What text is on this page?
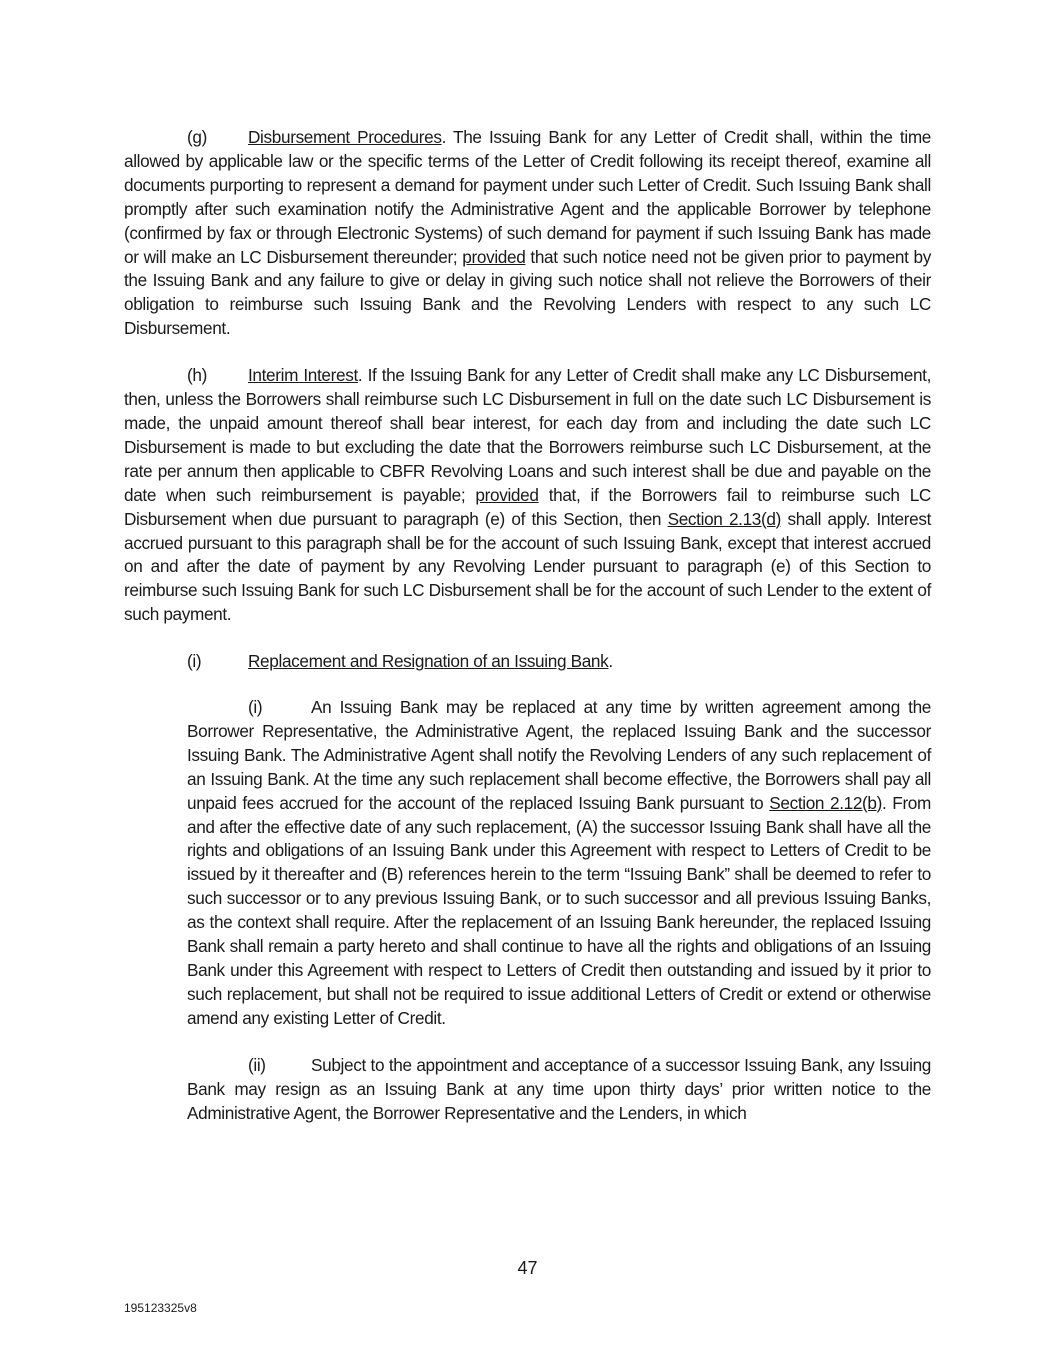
(g) Disbursement Procedures. The Issuing Bank for any Letter of Credit shall, within the time allowed by applicable law or the specific terms of the Letter of Credit following its receipt thereof, examine all documents purporting to represent a demand for payment under such Letter of Credit. Such Issuing Bank shall promptly after such examination notify the Administrative Agent and the applicable Borrower by telephone (confirmed by fax or through Electronic Systems) of such demand for payment if such Issuing Bank has made or will make an LC Disbursement thereunder; provided that such notice need not be given prior to payment by the Issuing Bank and any failure to give or delay in giving such notice shall not relieve the Borrowers of their obligation to reimburse such Issuing Bank and the Revolving Lenders with respect to any such LC Disbursement.

(h) Interim Interest. If the Issuing Bank for any Letter of Credit shall make any LC Disbursement, then, unless the Borrowers shall reimburse such LC Disbursement in full on the date such LC Disbursement is made, the unpaid amount thereof shall bear interest, for each day from and including the date such LC Disbursement is made to but excluding the date that the Borrowers reimburse such LC Disbursement, at the rate per annum then applicable to CBFR Revolving Loans and such interest shall be due and payable on the date when such reimbursement is payable; provided that, if the Borrowers fail to reimburse such LC Disbursement when due pursuant to paragraph (e) of this Section, then Section 2.13(d) shall apply. Interest accrued pursuant to this paragraph shall be for the account of such Issuing Bank, except that interest accrued on and after the date of payment by any Revolving Lender pursuant to paragraph (e) of this Section to reimburse such Issuing Bank for such LC Disbursement shall be for the account of such Lender to the extent of such payment.

(i)	Replacement and Resignation of an Issuing Bank.

(i)	An Issuing Bank may be replaced at any time by written agreement among the Borrower Representative, the Administrative Agent, the replaced Issuing Bank and the successor Issuing Bank. The Administrative Agent shall notify the Revolving Lenders of any such replacement of an Issuing Bank. At the time any such replacement shall become effective, the Borrowers shall pay all unpaid fees accrued for the account of the replaced Issuing Bank pursuant to Section 2.12(b). From and after the effective date of any such replacement, (A) the successor Issuing Bank shall have all the rights and obligations of an Issuing Bank under this Agreement with respect to Letters of Credit to be issued by it thereafter and (B) references herein to the term “Issuing Bank” shall be deemed to refer to such successor or to any previous Issuing Bank, or to such successor and all previous Issuing Banks, as the context shall require. After the replacement of an Issuing Bank hereunder, the replaced Issuing Bank shall remain a party hereto and shall continue to have all the rights and obligations of an Issuing Bank under this Agreement with respect to Letters of Credit then outstanding and issued by it prior to such replacement, but shall not be required to issue additional Letters of Credit or extend or otherwise amend any existing Letter of Credit.

(ii)	Subject to the appointment and acceptance of a successor Issuing Bank, any Issuing Bank may resign as an Issuing Bank at any time upon thirty days’ prior written notice to the Administrative Agent, the Borrower Representative and the Lenders, in which

47
195123325v8
